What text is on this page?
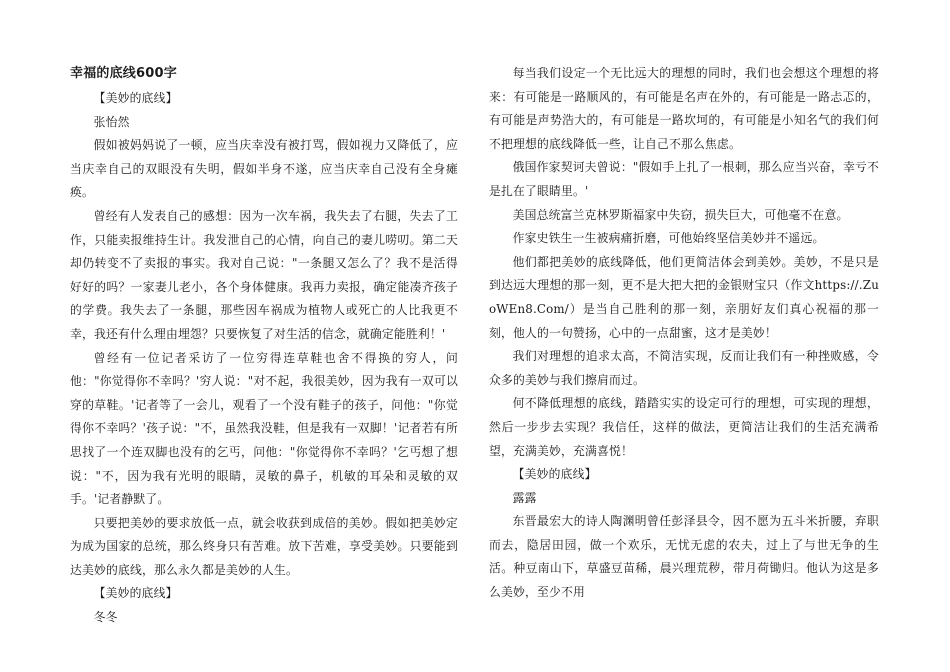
幸福的底线600字

【美妙的底线】

张怡然

假如被妈妈说了一顿，应当庆幸没有被打骂，假如视力又降低了，应当庆幸自己的双眼没有失明，假如半身不遂，应当庆幸自己没有全身瘫痪。

曾经有人发表自己的感想：因为一次车祸，我失去了右腿，失去了工作，只能卖报维持生计。我发泄自己的心情，向自己的妻儿唠叨。第二天却仍转变不了卖报的事实。我对自己说："一条腿又怎么了？我不是活得好好的吗？一家妻儿老小，各个身体健康。我再力卖报，确定能凑齐孩子的学费。我失去了一条腿，那些因车祸成为植物人或死亡的人比我更不幸，我还有什么理由埋怨？只要恢复了对生活的信念，就确定能胜利！'

曾经有一位记者采访了一位穷得连草鞋也舍不得换的穷人，问他："你觉得你不幸吗？'穷人说："对不起，我很美妙，因为我有一双可以穿的草鞋。'记者等了一会儿，观看了一个没有鞋子的孩子，问他："你觉得你不幸吗？'孩子说："不，虽然我没鞋，但是我有一双脚！'记者若有所思找了一个连双脚也没有的乞丐，问他："你觉得你不幸吗？'乞丐想了想说："不，因为我有光明的眼睛，灵敏的鼻子，机敏的耳朵和灵敏的双手。'记者静默了。

只要把美妙的要求放低一点，就会收获到成倍的美妙。假如把美妙定为成为国家的总统，那么终身只有苦难。放下苦难，享受美妙。只要能到达美妙的底线，那么永久都是美妙的人生。

【美妙的底线】

冬冬

每当我们设定一个无比远大的理想的同时，我们也会想这个理想的将来：有可能是一路顺风的，有可能是名声在外的，有可能是一路忐忑的，有可能是声势浩大的，有可能是一路坎坷的，有可能是小知名气的我们何不把理想的底线降低一些，让自己不那么焦虑。

俄国作家契诃夫曾说："假如手上扎了一根刺，那么应当兴奋，幸亏不是扎在了眼睛里。'

美国总统富兰克林罗斯福家中失窃，损失巨大，可他毫不在意。

作家史铁生一生被病痛折磨，可他始终坚信美妙并不遥远。

他们都把美妙的底线降低，他们更简洁体会到美妙。美妙，不是只是到达远大理想的那一刻，更不是大把大把的金银财宝只（作文https://.ZuoWEn8.Com/）是当自己胜利的那一刻，亲朋好友们真心祝福的那一刻，他人的一句赞扬，心中的一点甜蜜，这才是美妙！

我们对理想的追求太高，不简洁实现，反而让我们有一种挫败感，令众多的美妙与我们擦肩而过。

何不降低理想的底线，踏踏实实的设定可行的理想，可实现的理想，然后一步步去实现？我信任，这样的做法，更简洁让我们的生活充满希望，充满美妙，充满喜悦！

【美妙的底线】

露露

东晋最宏大的诗人陶渊明曾任彭泽县令，因不愿为五斗米折腰，弃职而去，隐居田园，做一个欢乐，无忧无虑的农夫，过上了与世无争的生活。种豆南山下，草盛豆苗稀，晨兴理荒秽，带月荷锄归。他认为这是多么美妙，至少不用
